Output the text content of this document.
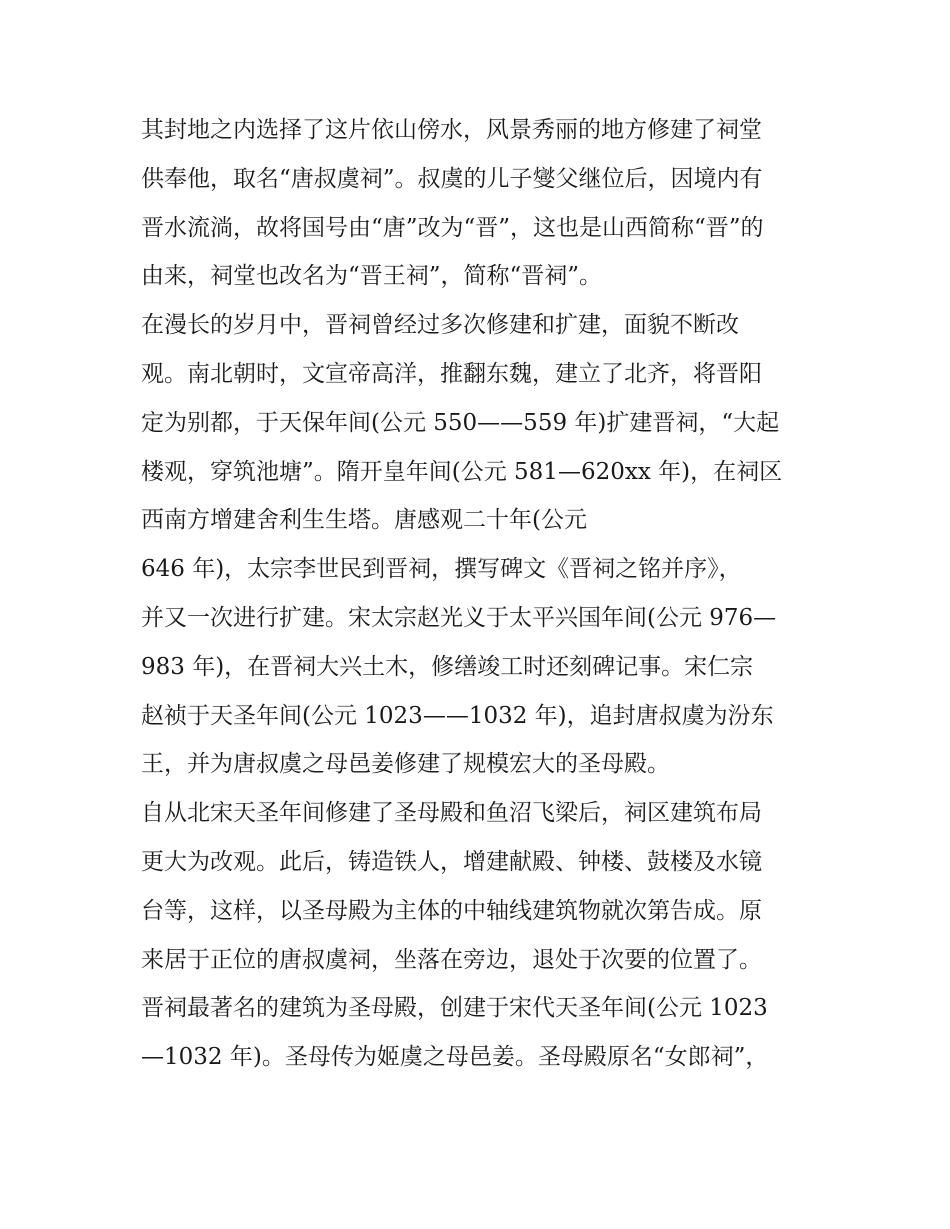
其封地之内选择了这片依山傍水，风景秀丽的地方修建了祠堂
供奉他，取名“唐叔虞祠”。叔虞的儿子燮父继位后，因境内有
晋水流淌，故将国号由“唐”改为“晋”，这也是山西简称“晋”的
由来，祠堂也改名为“晋王祠”，简称“晋祠”。
在漫长的岁月中，晋祠曾经过多次修建和扩建，面貌不断改
观。南北朝时，文宣帝高洋，推翻东魏，建立了北齐，将晋阳
定为别都，于天保年间(公元 550——559 年)扩建晋祠，“大起
楼观，穿筑池塘”。隋开皇年间(公元 581—620xx 年)，在祠区
西南方增建舍利生生塔。唐感观二十年(公元
646 年)，太宗李世民到晋祠，撰写碑文《晋祠之铭并序》，
并又一次进行扩建。宋太宗赵光义于太平兴国年间(公元 976—
983 年)，在晋祠大兴土木，修缮竣工时还刻碑记事。宋仁宗
赵祯于天圣年间(公元 1023——1032 年)，追封唐叔虞为汾东
王，并为唐叔虞之母邑姜修建了规模宏大的圣母殿。
自从北宋天圣年间修建了圣母殿和鱼沼飞梁后，祠区建筑布局
更大为改观。此后，铸造铁人，增建献殿、钟楼、鼓楼及水镜
台等，这样，以圣母殿为主体的中轴线建筑物就次第告成。原
来居于正位的唐叔虞祠，坐落在旁边，退处于次要的位置了。
晋祠最著名的建筑为圣母殿，创建于宋代天圣年间(公元 1023
—1032 年)。圣母传为姬虞之母邑姜。圣母殿原名“女郎祠”，
